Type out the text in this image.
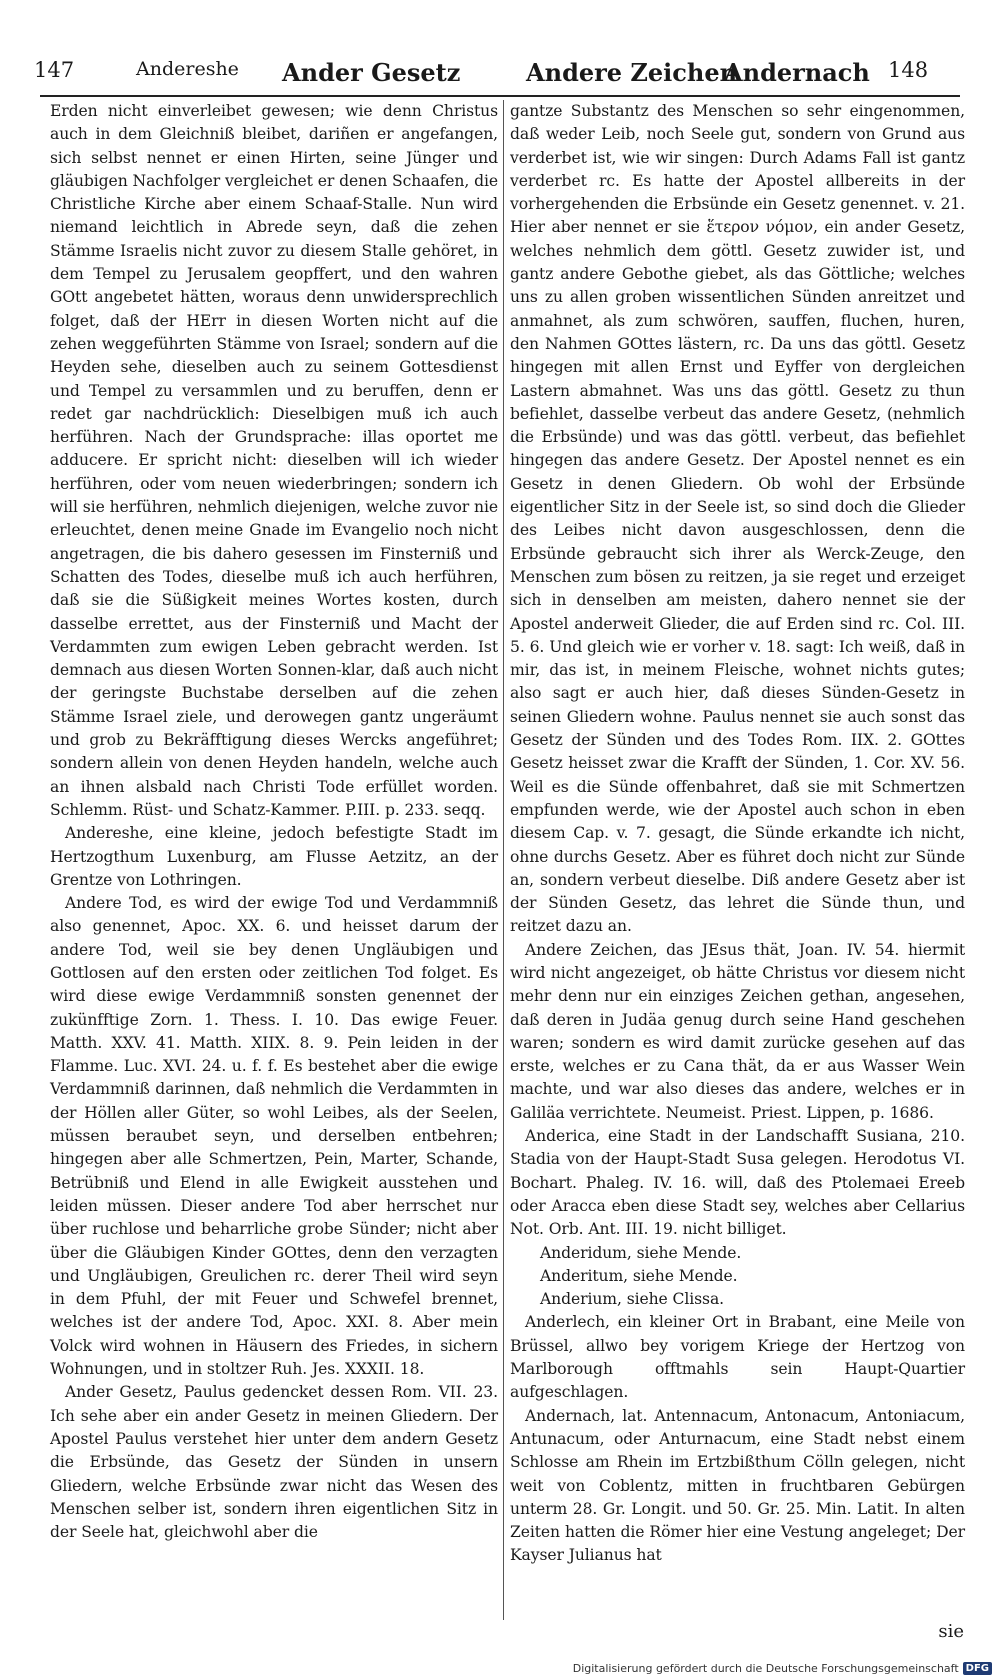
147	Andereshe Ander Gesetz	Andere Zeichen
Andernach 148

Erden nicht einverleibet gewesen; wie denn Christus auch in dem Gleichniß bleibet, dariñen er angefangen, sich selbst nennet er einen Hirten, seine Jünger und gläubigen Nachfolger vergleichet er denen Schaafen, die Christliche Kirche aber einem Schaaf-Stalle. Nun wird niemand leichtlich in Abrede seyn, daß die zehen Stämme Israelis nicht zuvor zu diesem Stalle gehöret, in dem Tempel zu Jerusalem geopffert, und den wahren GOtt angebetet hätten, woraus denn unwidersprechlich folget, daß der HErr in diesen Worten nicht auf die zehen weggeführten Stämme von Israel; sondern auf die Heyden sehe, dieselben auch zu seinem Gottesdienst und Tempel zu versammlen und zu beruffen, denn er redet gar nachdrücklich: Dieselbigen muß ich auch herführen. Nach der Grundsprache: illas oportet me adducere. Er spricht nicht: dieselben will ich wieder herführen, oder vom neuen wiederbringen; sondern ich will sie herführen, nehmlich diejenigen, welche zuvor nie erleuchtet, denen meine Gnade im Evangelio noch nicht angetragen, die bis dahero gesessen im Finsterniß und Schatten des Todes, dieselbe muß ich auch herführen, daß sie die Süßigkeit meines Wortes kosten, durch dasselbe errettet, aus der Finsterniß und Macht der Verdammten zum ewigen Leben gebracht werden. Ist demnach aus diesen Worten Sonnen-klar, daß auch nicht der geringste Buchstabe derselben auf die zehen Stämme Israel ziele, und derowegen gantz ungeräumt und grob zu Bekräfftigung dieses Wercks angeführet; sondern allein von denen Heyden handeln, welche auch an ihnen alsbald nach Christi Tode erfüllet worden. Schlemm. Rüst- und Schatz-Kammer. P.III. p. 233. seqq.

Andereshe, eine kleine, jedoch befestigte Stadt im Hertzogthum Luxenburg, am Flusse Aetzitz, an der Grentze von Lothringen.

Andere Tod, es wird der ewige Tod und Verdammniß also genennet, Apoc. XX. 6. und heisset darum der andere Tod, weil sie bey denen Ungläubigen und Gottlosen auf den ersten oder zeitlichen Tod folget. Es wird diese ewige Verdammniß sonsten genennet der zukünfftige Zorn. 1. Thess. I. 10. Das ewige Feuer. Matth. XXV. 41. Matth. XIIX. 8. 9. Pein leiden in der Flamme. Luc. XVI. 24. u. f. f. Es bestehet aber die ewige Verdammniß darinnen, daß nehmlich die Verdammten in der Höllen aller Güter, so wohl Leibes, als der Seelen, müssen beraubet seyn, und derselben entbehren; hingegen aber alle Schmertzen, Pein, Marter, Schande, Betrübniß und Elend in alle Ewigkeit ausstehen und leiden müssen. Dieser andere Tod aber herrschet nur über ruchlose und beharrliche grobe Sünder; nicht aber über die Gläubigen Kinder GOttes, denn den verzagten und Ungläubigen, Greulichen rc. derer Theil wird seyn in dem Pfuhl, der mit Feuer und Schwefel brennet, welches ist der andere Tod, Apoc. XXI. 8. Aber mein Volck wird wohnen in Häusern des Friedes, in sichern Wohnungen, und in stoltzer Ruh. Jes. XXXII. 18.

Ander Gesetz, Paulus gedencket dessen Rom. VII. 23. Ich sehe aber ein ander Gesetz in meinen Gliedern. Der Apostel Paulus verstehet hier unter dem andern Gesetz die Erbsünde, das Gesetz der Sünden in unsern Gliedern, welche Erbsünde zwar nicht das Wesen des Menschen selber ist, sondern ihren eigentlichen Sitz in der Seele hat, gleichwohl aber die

gantze Substantz des Menschen so sehr eingenommen, daß weder Leib, noch Seele gut, sondern von Grund aus verderbet ist, wie wir singen: Durch Adams Fall ist gantz verderbet rc. Es hatte der Apostel allbereits in der vorhergehenden die Erbsünde ein Gesetz genennet. v. 21. Hier aber nennet er sie ἕτερον νόμον, ein ander Gesetz, welches nehmlich dem göttl. Gesetz zuwider ist, und gantz andere Gebothe giebet, als das Göttliche; welches uns zu allen groben wissentlichen Sünden anreitzet und anmahnet, als zum schwören, sauffen, fluchen, huren, den Nahmen GOttes lästern, rc. Da uns das göttl. Gesetz hingegen mit allen Ernst und Eyffer von dergleichen Lastern abmahnet. Was uns das göttl. Gesetz zu thun befiehlet, dasselbe verbeut das andere Gesetz, (nehmlich die Erbsünde) und was das göttl. verbeut, das befiehlet hingegen das andere Gesetz. Der Apostel nennet es ein Gesetz in denen Gliedern. Ob wohl der Erbsünde eigentlicher Sitz in der Seele ist, so sind doch die Glieder des Leibes nicht davon ausgeschlossen, denn die Erbsünde gebraucht sich ihrer als Werck-Zeuge, den Menschen zum bösen zu reitzen, ja sie reget und erzeiget sich in denselben am meisten, dahero nennet sie der Apostel anderweit Glieder, die auf Erden sind rc. Col. III. 5. 6. Und gleich wie er vorher v. 18. sagt: Ich weiß, daß in mir, das ist, in meinem Fleische, wohnet nichts gutes; also sagt er auch hier, daß dieses Sünden-Gesetz in seinen Gliedern wohne. Paulus nennet sie auch sonst das Gesetz der Sünden und des Todes Rom. IIX. 2. GOttes Gesetz heisset zwar die Krafft der Sünden, 1. Cor. XV. 56. Weil es die Sünde offenbahret, daß sie mit Schmertzen empfunden werde, wie der Apostel auch schon in eben diesem Cap. v. 7. gesagt, die Sünde erkandte ich nicht, ohne durchs Gesetz. Aber es führet doch nicht zur Sünde an, sondern verbeut dieselbe. Diß andere Gesetz aber ist der Sünden Gesetz, das lehret die Sünde thun, und reitzet dazu an.

Andere Zeichen, das JEsus thät, Joan. IV. 54. hiermit wird nicht angezeiget, ob hätte Christus vor diesem nicht mehr denn nur ein einziges Zeichen gethan, angesehen, daß deren in Judäa genug durch seine Hand geschehen waren; sondern es wird damit zurücke gesehen auf das erste, welches er zu Cana thät, da er aus Wasser Wein machte, und war also dieses das andere, welches er in Galiläa verrichtete. Neumeist. Priest. Lippen, p. 1686.

Anderica, eine Stadt in der Landschafft Susiana, 210. Stadia von der Haupt-Stadt Susa gelegen. Herodotus VI. Bochart. Phaleg. IV. 16. will, daß des Ptolemaei Ereeb oder Aracca eben diese Stadt sey, welches aber Cellarius Not. Orb. Ant. III. 19. nicht billiget.

Anderidum, siehe Mende.

Anderitum, siehe Mende.

Anderium, siehe Clissa.

Anderlech, ein kleiner Ort in Brabant, eine Meile von Brüssel, allwo bey vorigem Kriege der Hertzog von Marlborough offtmahls sein Haupt-Quartier aufgeschlagen.

Andernach, lat. Antennacum, Antonacum, Antoniacum, Antunacum, oder Anturnacum, eine Stadt nebst einem Schlosse am Rhein im Ertzbißthum Cölln gelegen, nicht weit von Coblentz, mitten in fruchtbaren Gebürgen unterm 28. Gr. Longit. und 50. Gr. 25. Min. Latit. In alten Zeiten hatten die Römer hier eine Vestung angeleget; Der Kayser Julianus hat

sie
Digitalisierung gefördert durch die Deutsche Forschungsgemeinschaft DFG
